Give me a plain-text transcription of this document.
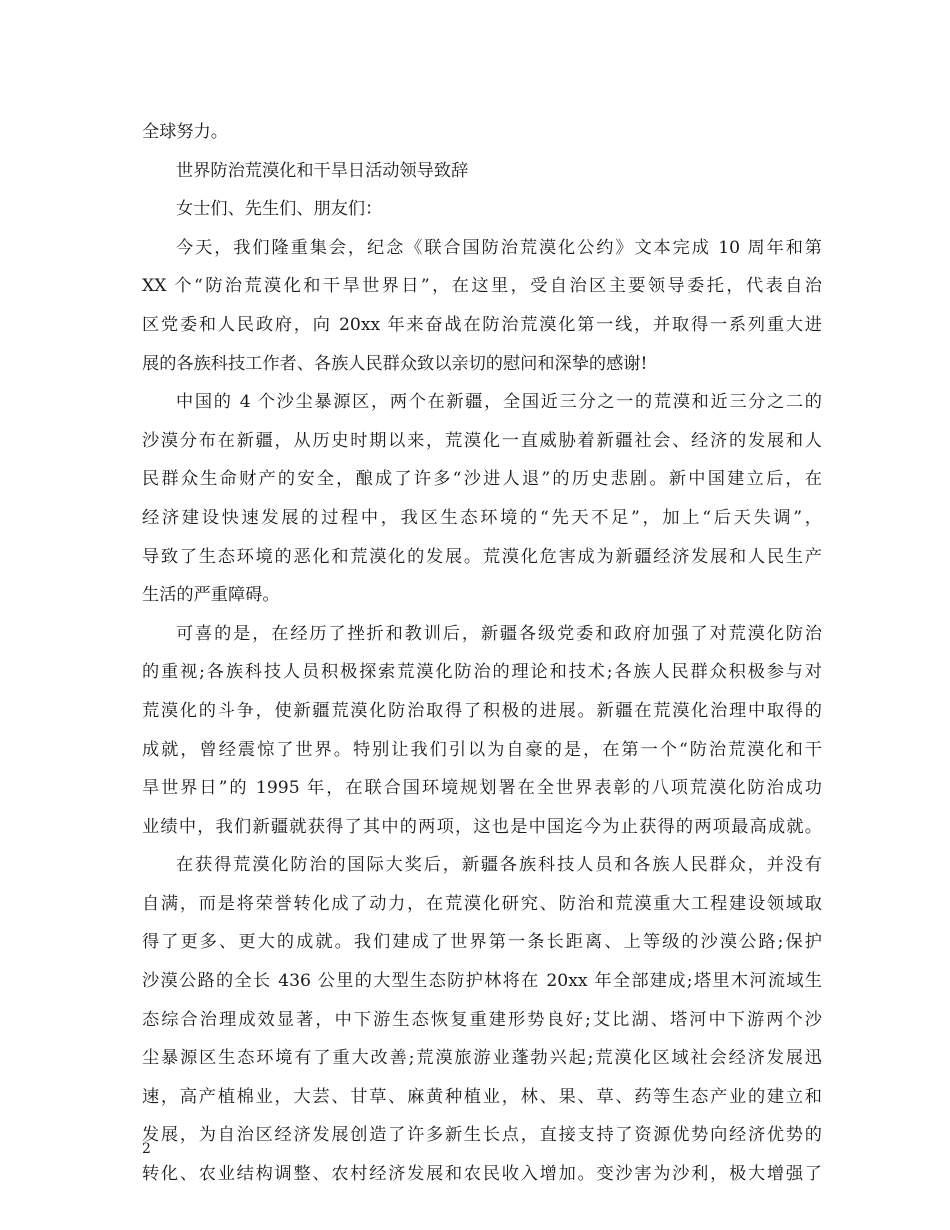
全球努力。
世界防治荒漠化和干旱日活动领导致辞
女士们、先生们、朋友们：
今天，我们隆重集会，纪念《联合国防治荒漠化公约》文本完成 10 周年和第
XX 个“防治荒漠化和干旱世界日”，在这里，受自治区主要领导委托，代表自治
区党委和人民政府，向 20xx 年来奋战在防治荒漠化第一线，并取得一系列重大进
展的各族科技工作者、各族人民群众致以亲切的慰问和深挚的感谢!
中国的 4 个沙尘暴源区，两个在新疆，全国近三分之一的荒漠和近三分之二的
沙漠分布在新疆，从历史时期以来，荒漠化一直威胁着新疆社会、经济的发展和人
民群众生命财产的安全，酿成了许多“沙进人退”的历史悲剧。新中国建立后，在
经济建设快速发展的过程中，我区生态环境的“先天不足”，加上“后天失调”，
导致了生态环境的恶化和荒漠化的发展。荒漠化危害成为新疆经济发展和人民生产
生活的严重障碍。
可喜的是，在经历了挫折和教训后，新疆各级党委和政府加强了对荒漠化防治
的重视;各族科技人员积极探索荒漠化防治的理论和技术;各族人民群众积极参与对
荒漠化的斗争，使新疆荒漠化防治取得了积极的进展。新疆在荒漠化治理中取得的
成就，曾经震惊了世界。特别让我们引以为自豪的是，在第一个“防治荒漠化和干
旱世界日”的 1995 年，在联合国环境规划署在全世界表彰的八项荒漠化防治成功
业绩中，我们新疆就获得了其中的两项，这也是中国迄今为止获得的两项最高成就。
在获得荒漠化防治的国际大奖后，新疆各族科技人员和各族人民群众，并没有
自满，而是将荣誉转化成了动力，在荒漠化研究、防治和荒漠重大工程建设领域取
得了更多、更大的成就。我们建成了世界第一条长距离、上等级的沙漠公路;保护
沙漠公路的全长 436 公里的大型生态防护林将在 20xx 年全部建成;塔里木河流域生
态综合治理成效显著，中下游生态恢复重建形势良好;艾比湖、塔河中下游两个沙
尘暴源区生态环境有了重大改善;荒漠旅游业蓬勃兴起;荒漠化区域社会经济发展迅
速，高产植棉业，大芸、甘草、麻黄种植业，林、果、草、药等生态产业的建立和
发展，为自治区经济发展创造了许多新生长点，直接支持了资源优势向经济优势的
转化、农业结构调整、农村经济发展和农民收入增加。变沙害为沙利，极大增强了
2
